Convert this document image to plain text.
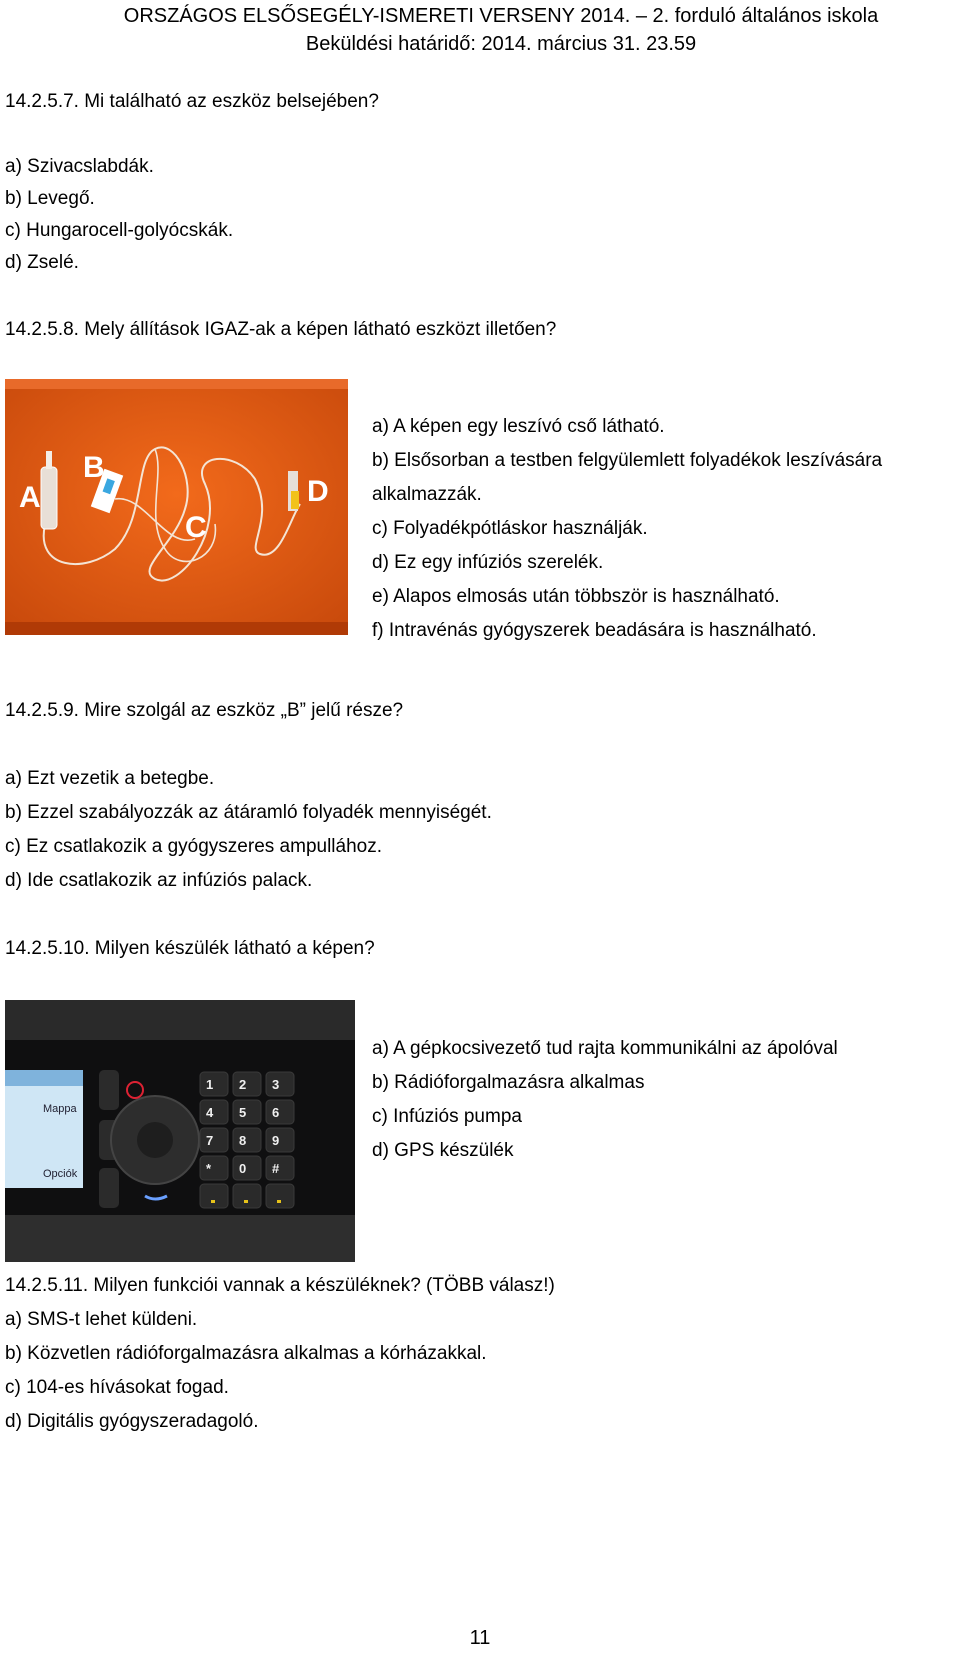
ORSZÁGOS ELSŐSEGÉLY-ISMERETI VERSENY 2014. – 2. forduló általános iskola
Beküldési határidő: 2014. március 31. 23.59
14.2.5.7. Mi található az eszköz belsejében?
a) Szivacslabdák.
b) Levegő.
c) Hungarocell-golyócskák.
d) Zselé.
14.2.5.8. Mely állítások IGAZ-ak a képen látható eszközt illetően?
A
B
C
D
a) A képen egy leszívó cső látható.
b) Elsősorban a testben felgyülemlett folyadékok leszívására
alkalmazzák.
c) Folyadékpótláskor használják.
d) Ez egy infúziós szerelék.
e) Alapos elmosás után többször is használható.
f) Intravénás gyógyszerek beadására is használható.
14.2.5.9. Mire szolgál az eszköz „B” jelű része?
a) Ezt vezetik a betegbe.
b) Ezzel szabályozzák az átáramló folyadék mennyiségét.
c) Ez csatlakozik a gyógyszeres ampullához.
d) Ide csatlakozik az infúziós palack.
14.2.5.10. Milyen készülék látható a képen?
Mappa
Opciók
1 2 3
4 5 6
7 8 9
* 0 #
a) A gépkocsivezető tud rajta kommunikálni az ápolóval
b) Rádióforgalmazásra alkalmas
c) Infúziós pumpa
d) GPS készülék
14.2.5.11. Milyen funkciói vannak a készüléknek? (TÖBB válasz!)
a) SMS-t lehet küldeni.
b) Közvetlen rádióforgalmazásra alkalmas a kórházakkal.
c) 104-es hívásokat fogad.
d) Digitális gyógyszeradagoló.
11
